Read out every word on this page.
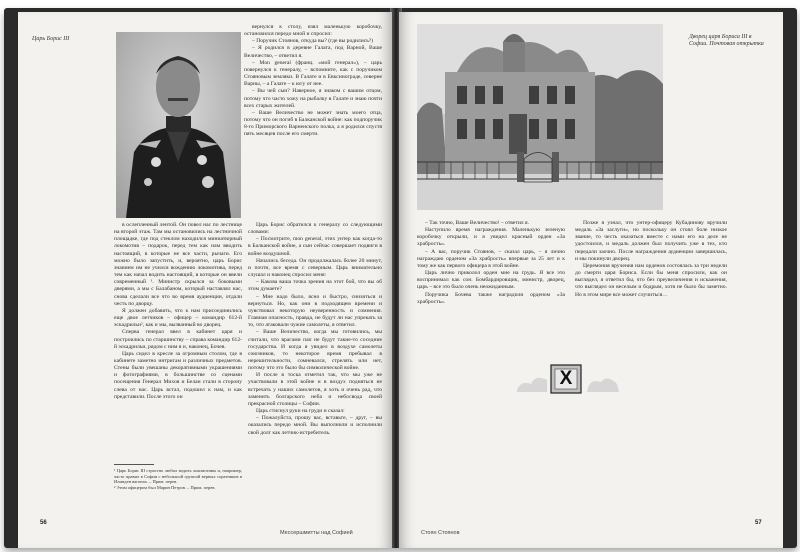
Царь Борис III

вернулся к столу, взял маленькую коробочку, остановился передо мной и спросил:

– Поручик Стоянов, откуда вы? (где вы родились?)

– Я родился в деревне Галата, под Варной, Ваше Величество, – ответил я.

– Mon general (франц. «мой генерал»), – царь повернулся к генералу, – вспомните, как с поручиком Стояновым земляки. В Галате и в Евксиноградe, северне Варны, – а Галате – к югу от нее.

– Вы чей сын? Наверное, я знаком с вашим отцом, потому что часто хожу на рыбалку в Галате и знаю почти всех старых жителей.

– Ваше Величество не может знать моего отца, потому что он погиб в Балканской войне: как подпоручик 8-го Приморского Варненского полка, а я родился спустя пять месяцев после его смерти.

в ослепленный лентой. Он повел нас по лестнице на второй этаж. Там мы остановились на лестничной площадке, где под стеклом находился миниатюрный локомотив – подарок, перед тем как нам вводить настоящий, в которые не все части, рычаги. Его можно было запустить, и, вероятно, царь Борис знанием им не учился вождению локомотива, перед тем как начал водить настоящий, в которые он ввели современный ¹. Министр скрылся за боковыми дверями, а мы с Балабаном, который наставлял нас, снова сделали все что во время аудиенции, отдали честь по дворцу.

Я должен добавить, что к нам присоединились еще двое летчиков – офицер – командир 612-й эскадрильи², как и мы, вызванный во дворец.

Сперва генерал ввел в кабинет царя и построились по старшинству – справа командир 612-й эскадрильи, рядом с ним я и, наконец, Бочев.

Царь сидел в кресле за огромным столом, где в кабинете заметно интригам и различных предметов. Стены были увешаны декоративными украшениями и фотографиями, в большинстве со сценами посещения Генерал Михов и Белан стали в сторону слева от нас. Царь встал, подошел к нам, и как представили. После этого он

Царь Борис обратился к генералу со следующими словами:

– Посмотрите, mon general, этих унтер как когда-то в Балканской войне, а сын сейчас совершает подвиги в войне воздушной.

Начались беседа. Он продолжалась более 20 минут, и почти, все время с северным. Царь внимательно слушал и наконец спросил меня:

– Какова ваша точка зрения на этот бой, что вы об этом думаете?

– Мне надо было, ясно и быстро, снизиться и вернуться. Но, как они в подходящем времени и чувствовал некоторую неуверенность и сомнения. Главная опасность, правда, не будут ли нас упрекать за то, что атаковали чужие самолеты, я ответил.

– Ваше Величество, когда мы готовились, мы считали, что врагами пап не будут такие-то соседние государства. И когда я увидел в воздухе самолеты союзников, то некоторое время пребывал в нерешительности, сомневался, стрелять или нет, потому что это было бы символической войне.

И после в тоска отметил так, что мы уже не участвовали в этой войне и в воздух подняться не встречать у наших самолетов, я хоть и очень рад, что заменить болгарского неба и небосвода своей прекрасной столицы – Софии.

Царь стиснул руки на груди и сказал:

– Пожалуйста, прошу вас, вставьте, – друг, – вы оказались передо мной. Вы выполнили и исполнили свой долг как летчик-истребитель.

¹ Царь Борис III страстно любил водить локомотивы и, например, часто правил в Софии с небольшой группой верных соратников в Илинден вагонах. – Прим. перев.
² Этим офицером был Марин Петров. – Прим. перев.
56
Мессершмитты над Софией
Дворец царя Бориса III в Софии. Почтовая открытка

– Так точно, Ваше Величество! – ответил я.

Наступило время награждения. Маленькую зеленую коробочку открыли, и я увидел красный орден «За храбрость».

– А вас, поручик Стоянов, – сказал царь, – я лично награждаю орденом «За храбрость» впервые за 25 лет и к тому же как первого офицера в этой войне.

Царь лично приколол орден мне на грудь. Я все это воспринимал как сон. Бомбардировщик, министр, дворец, царь – все это было очень неожиданным.

Поручика Бочева также наградили орденом «За храбрость».

Позже я узнал, что унтер-офицеру Кубадинову вручили медаль «За заслуги», но поскольку он стоял боле низкое звание, то честь оказаться вместе с нами его на деле не удостоился, и медаль должен был получить уже в тех, кто передали заочно. После награждения аудиенции завершилась, и мы покинули дворец.

Церемония вручения нам орденов состоялась за три недели до смерти царя Бориса. Если бы меня спросили, как он выглядел, я ответил бы, что без преувеличения и искажения, что выглядел он веселым и бодрым, хотя не было бы заметно. Но в этом мире все может случиться…

X
Стоян Стоянов
57
